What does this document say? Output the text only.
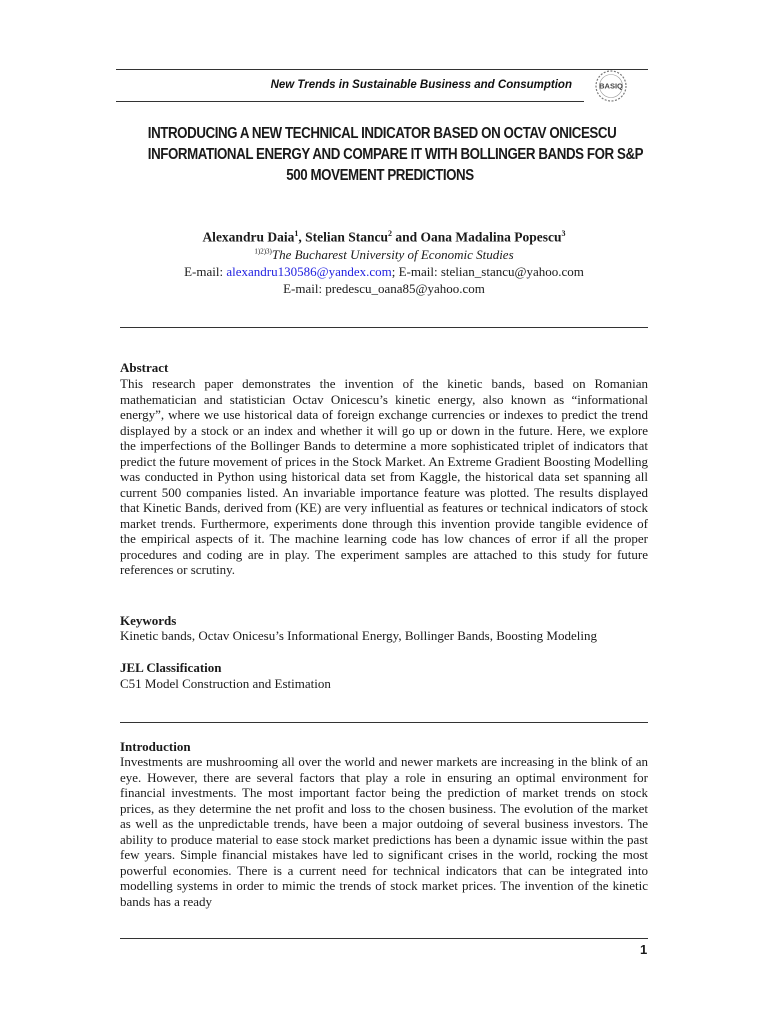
New Trends in Sustainable Business and Consumption	BASIQ
INTRODUCING A NEW TECHNICAL INDICATOR BASED ON OCTAV ONICESCU
INFORMATIONAL ENERGY AND COMPARE IT WITH BOLLINGER BANDS FOR S&P
500 MOVEMENT PREDICTIONS
Alexandru Daia$^1$, Stelian Stancu$^2$ and Oana Madalina Popescu$^3$
$^{1)2)3)}$The Bucharest University of Economic Studies
E-mail: alexandru130586@yandex.com; E-mail: stelian_stancu@yahoo.com
E-mail: predescu_oana85@yahoo.com
Abstract
This research paper demonstrates the invention of the kinetic bands, based on Romanian mathematician and statistician Octav Onicescu’s kinetic energy, also known as “informational energy”, where we use historical data of foreign exchange currencies or indexes to predict the trend displayed by a stock or an index and whether it will go up or down in the future. Here, we explore the imperfections of the Bollinger Bands to determine a more sophisticated triplet of indicators that predict the future movement of prices in the Stock Market. An Extreme Gradient Boosting Modelling was conducted in Python using historical data set from Kaggle, the historical data set spanning all current 500 companies listed. An invariable importance feature was plotted. The results displayed that Kinetic Bands, derived from (KE) are very influential as features or technical indicators of stock market trends. Furthermore, experiments done through this invention provide tangible evidence of the empirical aspects of it. The machine learning code has low chances of error if all the proper procedures and coding are in play. The experiment samples are attached to this study for future references or scrutiny.
Keywords
Kinetic bands, Octav Onicesu’s Informational Energy, Bollinger Bands, Boosting Modeling
JEL Classification
C51 Model Construction and Estimation
Introduction
Investments are mushrooming all over the world and newer markets are increasing in the blink of an eye. However, there are several factors that play a role in ensuring an optimal environment for financial investments. The most important factor being the prediction of market trends on stock prices, as they determine the net profit and loss to the chosen business. The evolution of the market as well as the unpredictable trends, have been a major outdoing of several business investors. The ability to produce material to ease stock market predictions has been a dynamic issue within the past few years. Simple financial mistakes have led to significant crises in the world, rocking the most powerful economies. There is a current need for technical indicators that can be integrated into modelling systems in order to mimic the trends of stock market prices. The invention of the kinetic bands has a ready
1
